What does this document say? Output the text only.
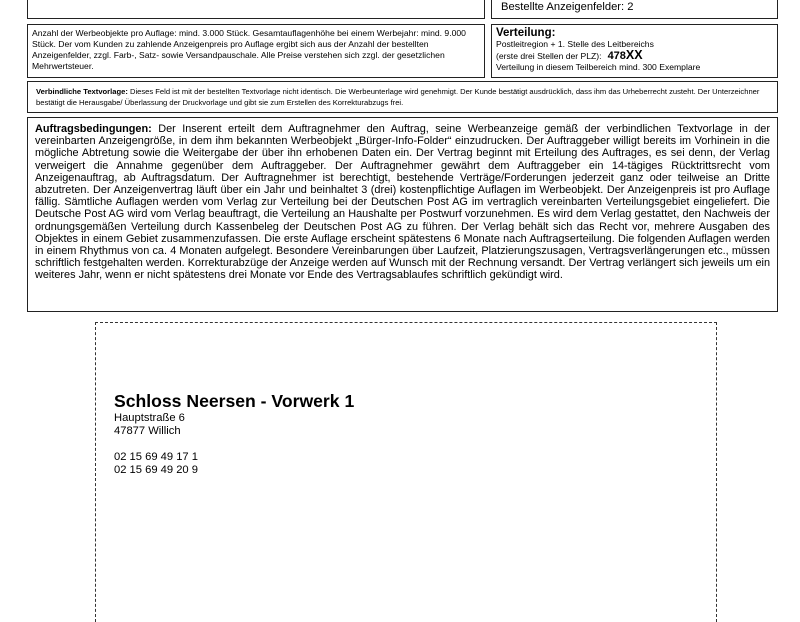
Bestellte Anzeigenfelder: 2
Anzahl der Werbeobjekte pro Auflage: mind. 3.000 Stück. Gesamtauflagenhöhe bei einem Werbejahr: mind. 9.000 Stück. Der vom Kunden zu zahlende Anzeigenpreis pro Auflage ergibt sich aus der Anzahl der bestellten Anzeigenfelder, zzgl. Farb-, Satz- sowie Versandpauschale. Alle Preise verstehen sich zzgl. der gesetzlichen Mehrwertsteuer.
Verteilung:
Postleitregion + 1. Stelle des Leitbereichs
(erste drei Stellen der PLZ): 478XX
Verteilung in diesem Teilbereich mind. 300 Exemplare
Verbindliche Textvorlage: Dieses Feld ist mit der bestellten Textvorlage nicht identisch. Die Werbeunterlage wird genehmigt. Der Kunde bestätigt ausdrücklich, dass ihm das Urheberrecht zusteht. Der Unterzeichner bestätigt die Herausgabe/ Überlassung der Druckvorlage und gibt sie zum Erstellen des Korrekturabzugs frei.
Auftragsbedingungen: Der Inserent erteilt dem Auftragnehmer den Auftrag, seine Werbeanzeige gemäß der verbindlichen Textvorlage in der vereinbarten Anzeigengröße, in dem ihm bekannten Werbeobjekt „Bürger-Info-Folder“ einzudrucken. Der Auftraggeber willigt bereits im Vorhinein in die mögliche Abtretung sowie die Weitergabe der über ihn erhobenen Daten ein. Der Vertrag beginnt mit Erteilung des Auftrages, es sei denn, der Verlag verweigert die Annahme gegenüber dem Auftraggeber. Der Auftragnehmer gewährt dem Auftraggeber ein 14-tägiges Rücktrittsrecht vom Anzeigenauftrag, ab Auftragsdatum. Der Auftragnehmer ist berechtigt, bestehende Verträge/Forderungen jederzeit ganz oder teilweise an Dritte abzutreten. Der Anzeigenvertrag läuft über ein Jahr und beinhaltet 3 (drei) kostenpflichtige Auflagen im Werbeobjekt. Der Anzeigenpreis ist pro Auflage fällig. Sämtliche Auflagen werden vom Verlag zur Verteilung bei der Deutschen Post AG im vertraglich vereinbarten Verteilungsgebiet eingeliefert. Die Deutsche Post AG wird vom Verlag beauftragt, die Verteilung an Haushalte per Postwurf vorzunehmen. Es wird dem Verlag gestattet, den Nachweis der ordnungsgemäßen Verteilung durch Kassenbeleg der Deutschen Post AG zu führen. Der Verlag behält sich das Recht vor, mehrere Ausgaben des Objektes in einem Gebiet zusammenzufassen. Die erste Auflage erscheint spätestens 6 Monate nach Auftragserteilung. Die folgenden Auflagen werden in einem Rhythmus von ca. 4 Monaten aufgelegt. Besondere Vereinbarungen über Laufzeit, Platzierungszusagen, Vertragsverlängerungen etc., müssen schriftlich festgehalten werden. Korrekturabzüge der Anzeige werden auf Wunsch mit der Rechnung versandt. Der Vertrag verlängert sich jeweils um ein weiteres Jahr, wenn er nicht spätestens drei Monate vor Ende des Vertragsablaufes schriftlich gekündigt wird.
Schloss Neersen - Vorwerk 1
Hauptstraße 6
47877 Willich
02 15 69 49 17 1
02 15 69 49 20 9
